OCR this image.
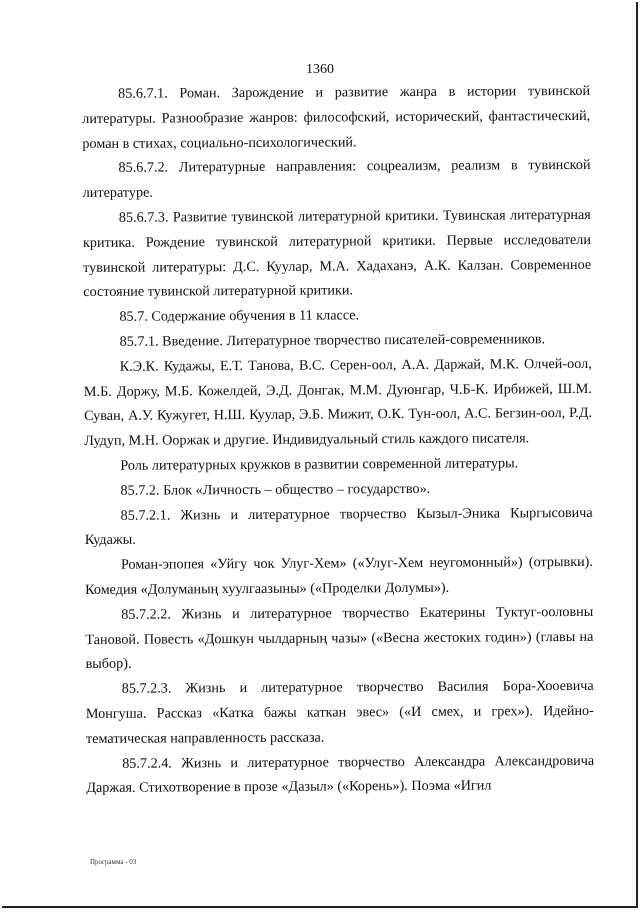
1360

85.6.7.1. Роман. Зарождение и развитие жанра в истории тувинской литературы. Разнообразие жанров: философский, исторический, фантастический, роман в стихах, социально-психологический.

85.6.7.2. Литературные направления: соцреализм, реализм в тувинской литературе.

85.6.7.3. Развитие тувинской литературной критики. Тувинская литературная критика. Рождение тувинской литературной критики. Первые исследователи тувинской литературы: Д.С. Куулар, М.А. Хадаханэ, А.К. Калзан. Современное состояние тувинской литературной критики.

85.7. Содержание обучения в 11 классе.

85.7.1. Введение. Литературное творчество писателей-современников.

К.Э.К. Кудажы, Е.Т. Танова, В.С. Серен-оол, А.А. Даржай, М.К. Олчей-оол, М.Б. Доржу, М.Б. Кожелдей, Э.Д. Донгак, М.М. Дуюнгар, Ч.Б-К. Ирбижей, Ш.М. Суван, А.У. Кужугет, Н.Ш. Куулар, Э.Б. Мижит, О.К. Тун-оол, А.С. Бегзин-оол, Р.Д. Лудуп, М.Н. Ооржак и другие. Индивидуальный стиль каждого писателя.

Роль литературных кружков в развитии современной литературы.

85.7.2. Блок «Личность – общество – государство».

85.7.2.1. Жизнь и литературное творчество Кызыл-Эника Кыргысовича Кудажы.

Роман-эпопея «Уйгу чок Улуг-Хем» («Улуг-Хем неугомонный») (отрывки). Комедия «Долуманың хуулгаазыны» («Проделки Долумы»).

85.7.2.2. Жизнь и литературное творчество Екатерины Туктуг-ооловны Тановой. Повесть «Дошкун чылдарның чазы» («Весна жестоких годин») (главы на выбор).

85.7.2.3. Жизнь и литературное творчество Василия Бора-Хооевича Монгуша. Рассказ «Катка бажы каткан эвес» («И смех, и грех»). Идейно-тематическая направленность рассказа.

85.7.2.4. Жизнь и литературное творчество Александра Александровича Даржая. Стихотворение в прозе «Дазыл» («Корень»). Поэма «Игил

Программа - 03
